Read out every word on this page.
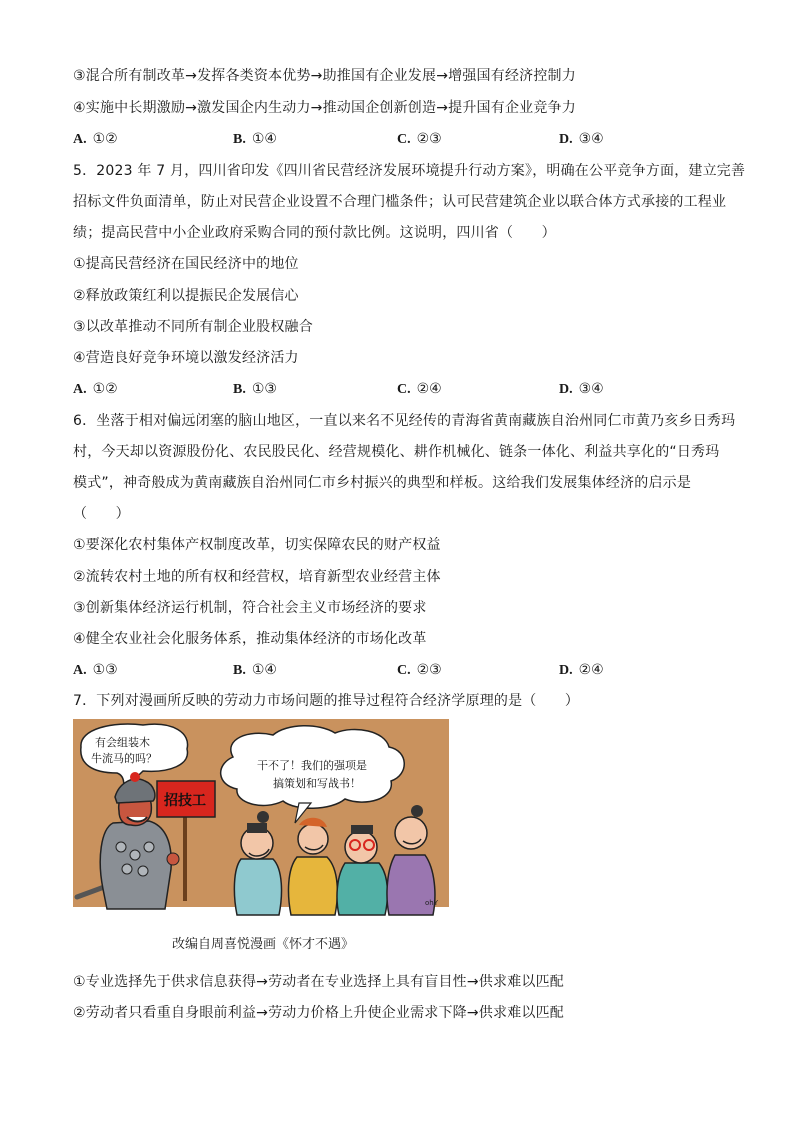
③混合所有制改革→发挥各类资本优势→助推国有企业发展→增强国有经济控制力
④实施中长期激励→激发国企内生动力→推动国企创新创造→提升国有企业竞争力
A. ①②	B. ①④	C. ②③	D. ③④
5．2023 年 7 月，四川省印发《四川省民营经济发展环境提升行动方案》，明确在公平竞争方面，建立完善
招标文件负面清单，防止对民营企业设置不合理门槛条件；认可民营建筑企业以联合体方式承接的工程业
绩；提高民营中小企业政府采购合同的预付款比例。这说明，四川省（　　）
①提高民营经济在国民经济中的地位
②释放政策红利以提振民企发展信心
③以改革推动不同所有制企业股权融合
④营造良好竞争环境以激发经济活力
A. ①②	B. ①③	C. ②④	D. ③④
6．坐落于相对偏远闭塞的脑山地区，一直以来名不见经传的青海省黄南藏族自治州同仁市黄乃亥乡日秀玛
村，今天却以资源股份化、农民股民化、经营规模化、耕作机械化、链条一体化、利益共享化的“日秀玛
模式”，神奇般成为黄南藏族自治州同仁市乡村振兴的典型和样板。这给我们发展集体经济的启示是
（　　）
①要深化农村集体产权制度改革，切实保障农民的财产权益
②流转农村土地的所有权和经营权，培育新型农业经营主体
③创新集体经济运行机制，符合社会主义市场经济的要求
④健全农业社会化服务体系，推动集体经济的市场化改革
A. ①③	B. ①④	C. ②③	D. ②④
7．下列对漫画所反映的劳动力市场问题的推导过程符合经济学原理的是（　　）
有会组装木
牛流马的吗？
干不了！我们的强项是
搞策划和写战书！
招技工
ohY
改编自周喜悦漫画《怀才不遇》
①专业选择先于供求信息获得→劳动者在专业选择上具有盲目性→供求难以匹配
②劳动者只看重自身眼前利益→劳动力价格上升使企业需求下降→供求难以匹配
